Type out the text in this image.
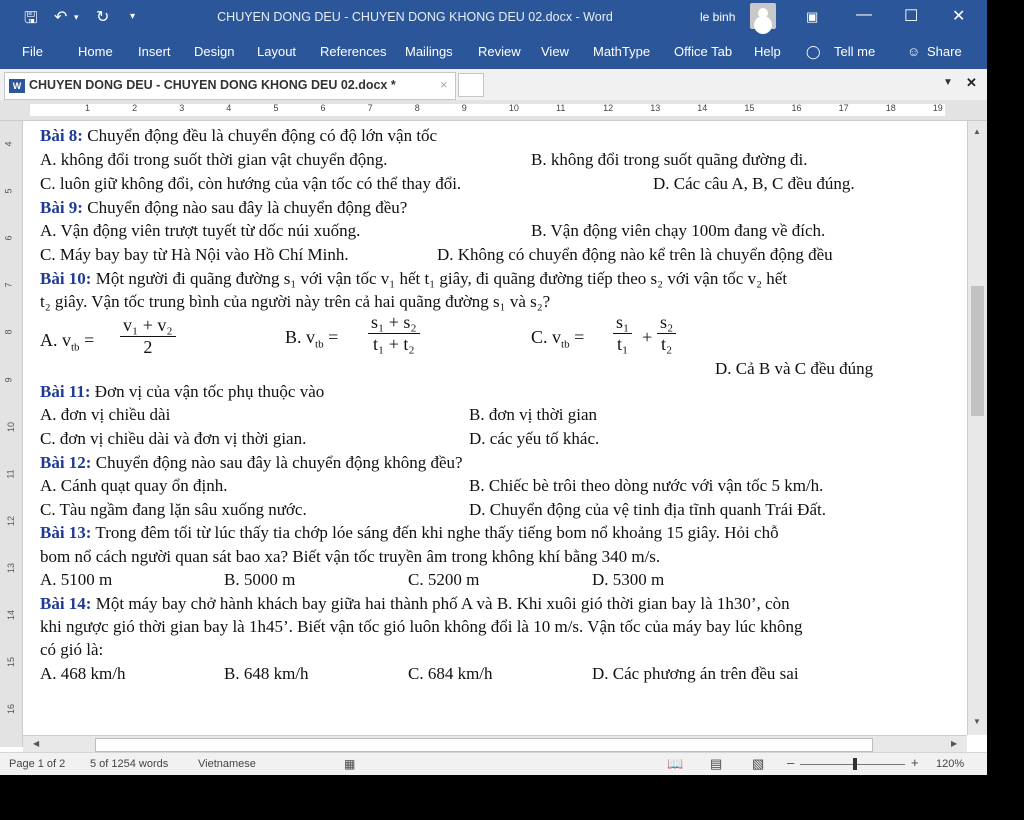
🖫 ↶ ▾ ↻ ▾	CHUYEN DONG DEU - CHUYEN DONG KHONG DEU 02.docx - Word	le binh	▣ — ☐ ✕
File	Home Insert Design Layout References Mailings Review View MathType Office Tab Help ◯ Tell me ☺ Share
W CHUYEN DONG DEU - CHUYEN DONG KHONG DEU 02.docx *	×	▼ ✕
1	2	3	4	5	6	7	8	9	10	11	12	13	14	15	16	17	18	19
4
5
6
7
8
9
10
11
12
13
14
15
16
Bài 8: Chuyển động đều là chuyển động có độ lớn vận tốc
A. không đổi trong suốt thời gian vật chuyển động.	B. không đổi trong suốt quãng đường đi.
C. luôn giữ không đổi, còn hướng của vận tốc có thể thay đổi.	D. Các câu A, B, C đều đúng.
Bài 9: Chuyển động nào sau đây là chuyển động đều?
A. Vận động viên trượt tuyết từ dốc núi xuống.	B. Vận động viên chạy 100m đang về đích.
C. Máy bay bay từ Hà Nội vào Hồ Chí Minh.	D. Không có chuyển động nào kể trên là chuyển động đều
Bài 10: Một người đi quãng đường s₁ với vận tốc v₁ hết t₁ giây, đi quãng đường tiếp theo s₂ với vận tốc v₂ hết
t₂ giây. Vận tốc trung bình của người này trên cả hai quãng đường s₁ và s₂?
A. $v_{tb} = \frac{\text{v₁ + v₂}}{2}$	B. $v_{tb} = \frac{\text{s₁ + s₂}}{\text{t₁ + t₂}}$	C. $v_{tb} = \frac{\text{s₁}}{\text{t₁}} + \frac{\text{s₂}}{\text{t₂}}$
D. Cả B và C đều đúng
Bài 11: Đơn vị của vận tốc phụ thuộc vào
A. đơn vị chiều dài	B. đơn vị thời gian
C. đơn vị chiều dài và đơn vị thời gian.	D. các yếu tố khác.
Bài 12: Chuyển động nào sau đây là chuyển động không đều?
A. Cánh quạt quay ổn định.	B. Chiếc bè trôi theo dòng nước với vận tốc 5 km/h.
C. Tàu ngầm đang lặn sâu xuống nước.	D. Chuyển động của vệ tinh địa tĩnh quanh Trái Đất.
Bài 13: Trong đêm tối từ lúc thấy tia chớp lóe sáng đến khi nghe thấy tiếng bom nổ khoảng 15 giây. Hỏi chỗ
bom nổ cách người quan sát bao xa? Biết vận tốc truyền âm trong không khí bằng 340 m/s.
A. 5100 m	B. 5000 m	C. 5200 m	D. 5300 m
Bài 14: Một máy bay chở hành khách bay giữa hai thành phố A và B. Khi xuôi gió thời gian bay là 1h30’, còn
khi ngược gió thời gian bay là 1h45’. Biết vận tốc gió luôn không đổi là 10 m/s. Vận tốc của máy bay lúc không
có gió là:
A. 468 km/h	B. 648 km/h	C. 684 km/h	D. Các phương án trên đều sai
▲
▼
◀	▶
Page 1 of 2 5 of 1254 words	Vietnamese	▦	📖 ▤ ▧ –	+ 120%
